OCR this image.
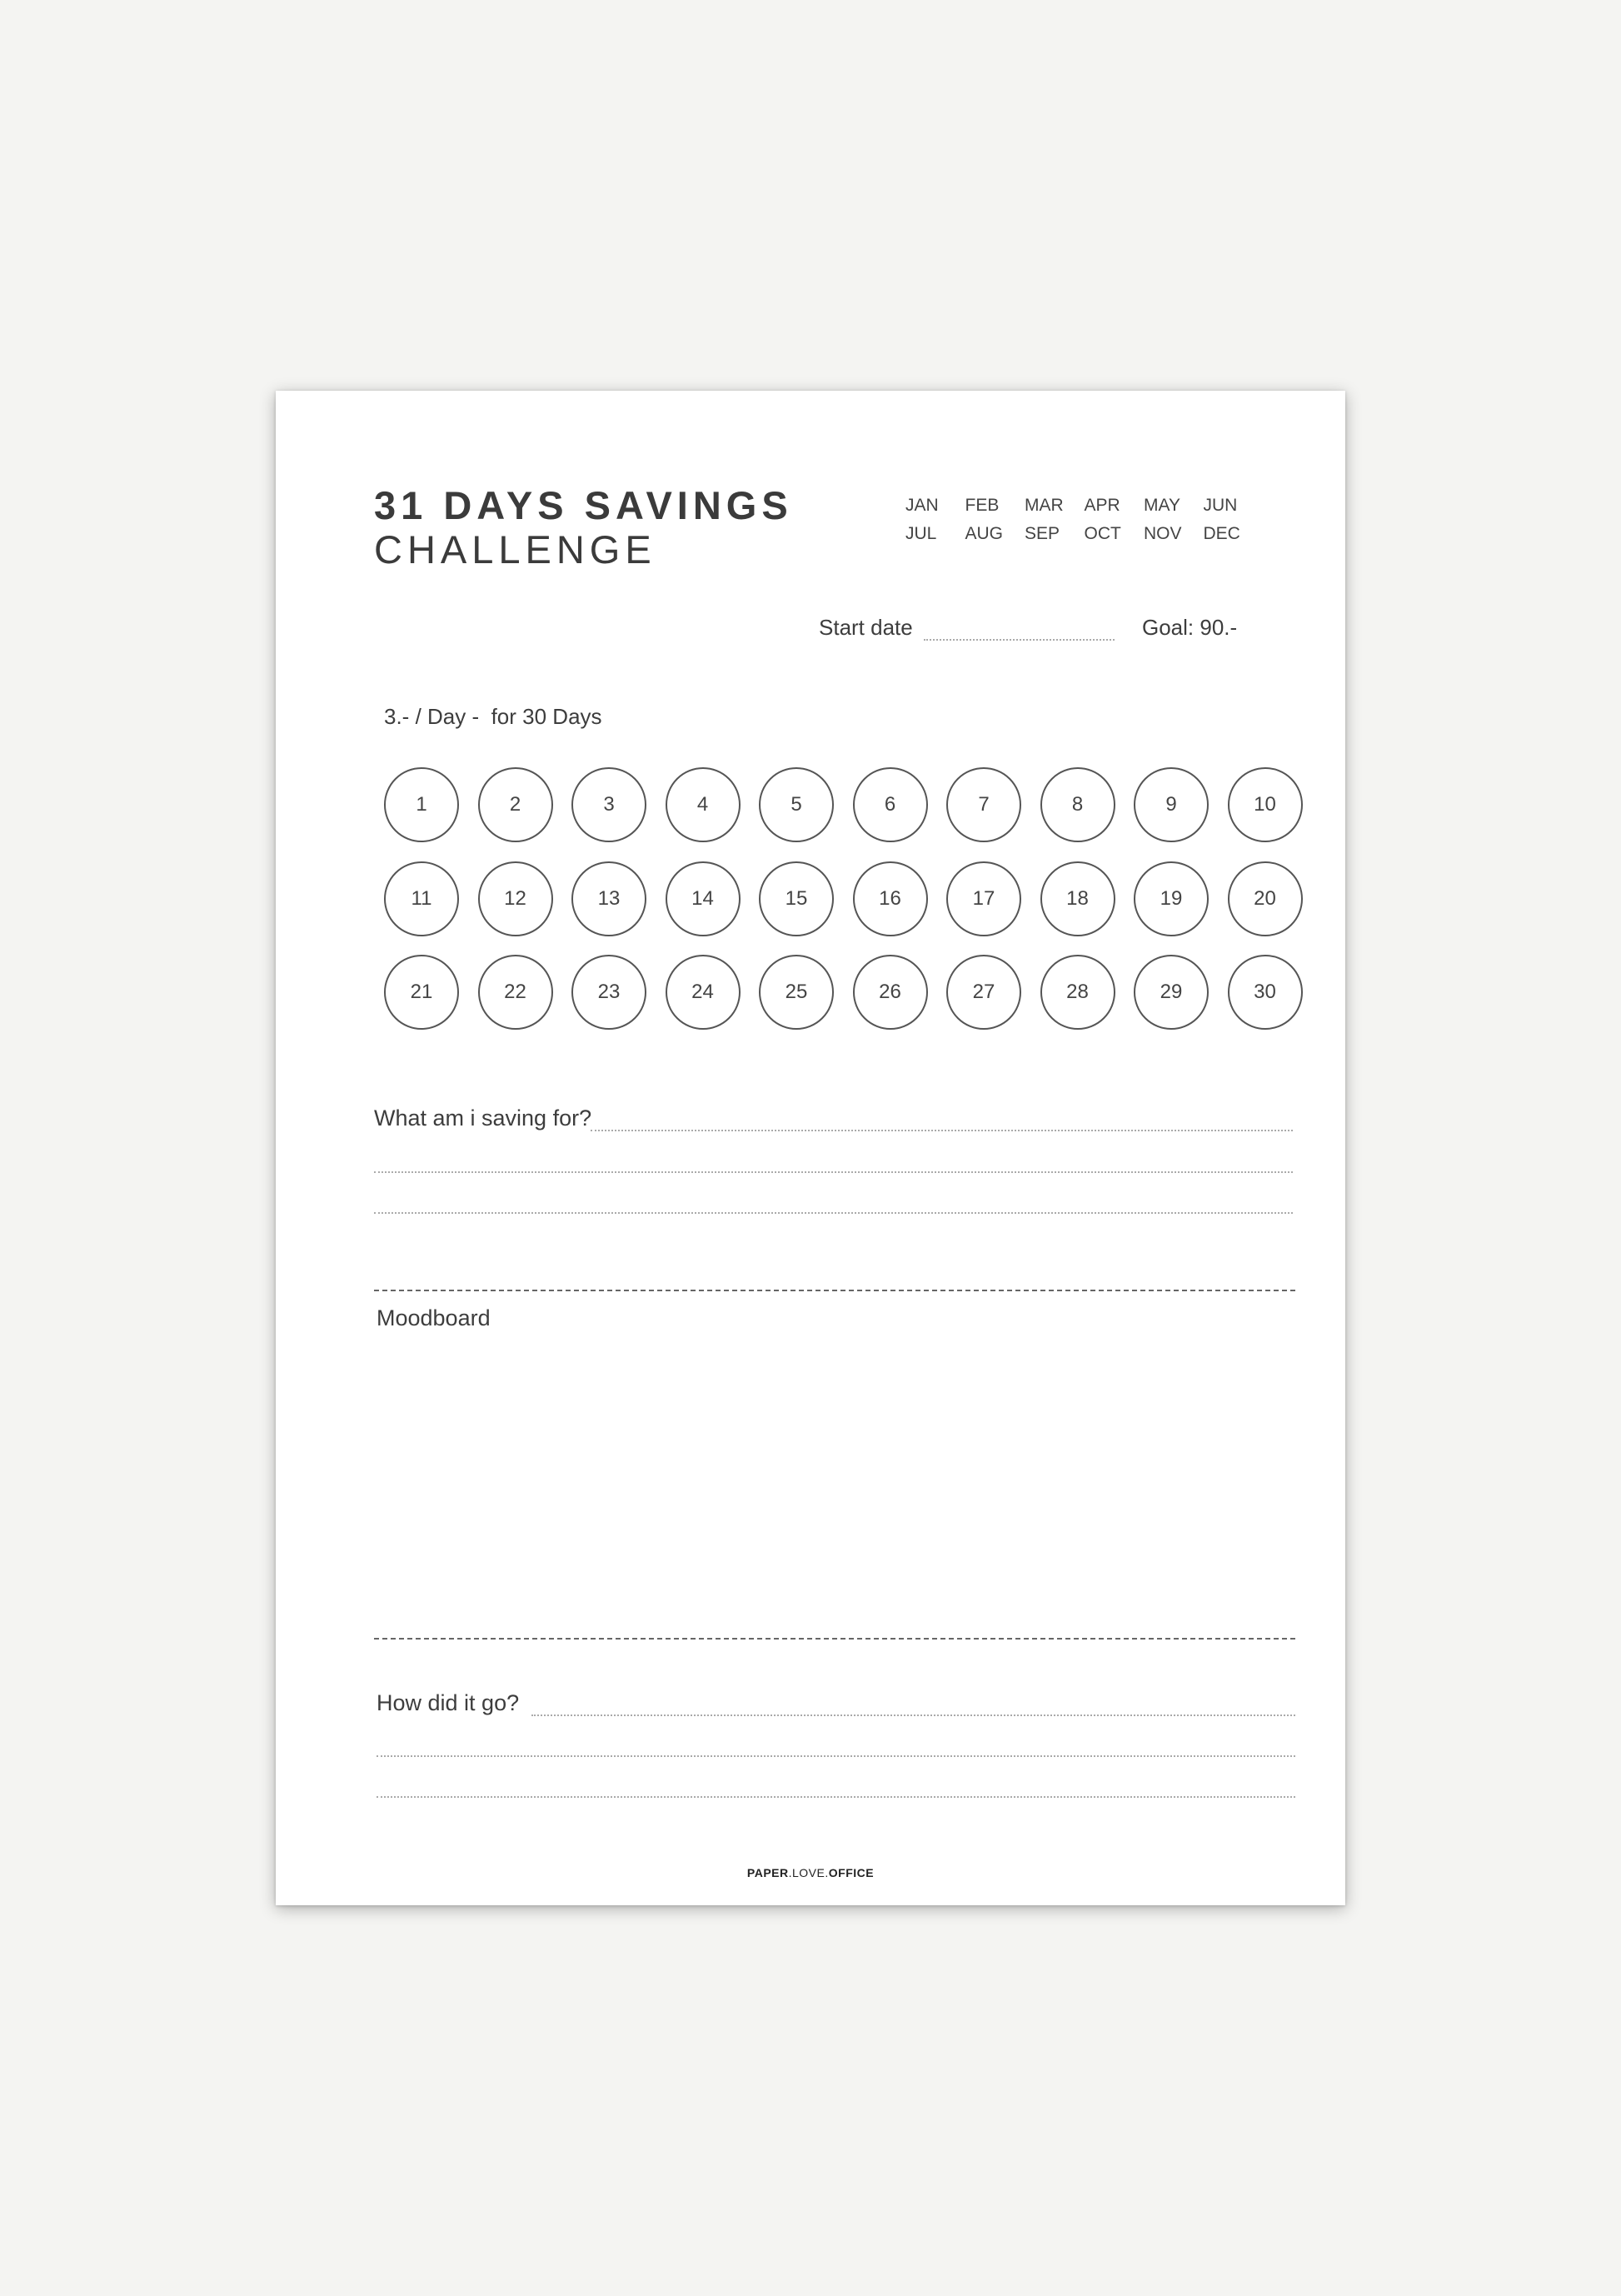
31 DAYS SAVINGS
CHALLENGE
JAN	FEB	MAR	APR	MAY	JUN
JUL	AUG	SEP	OCT	NOV	DEC
Start date	Goal: 90.-
3.- / Day -  for 30 Days
1	2	3	4	5	6	7	8	9	10
11	12	13	14	15	16	17	18	19	20
21	22	23	24	25	26	27	28	29	30
What am i saving for?
Moodboard
How did it go?
PAPER.LOVE.OFFICE
